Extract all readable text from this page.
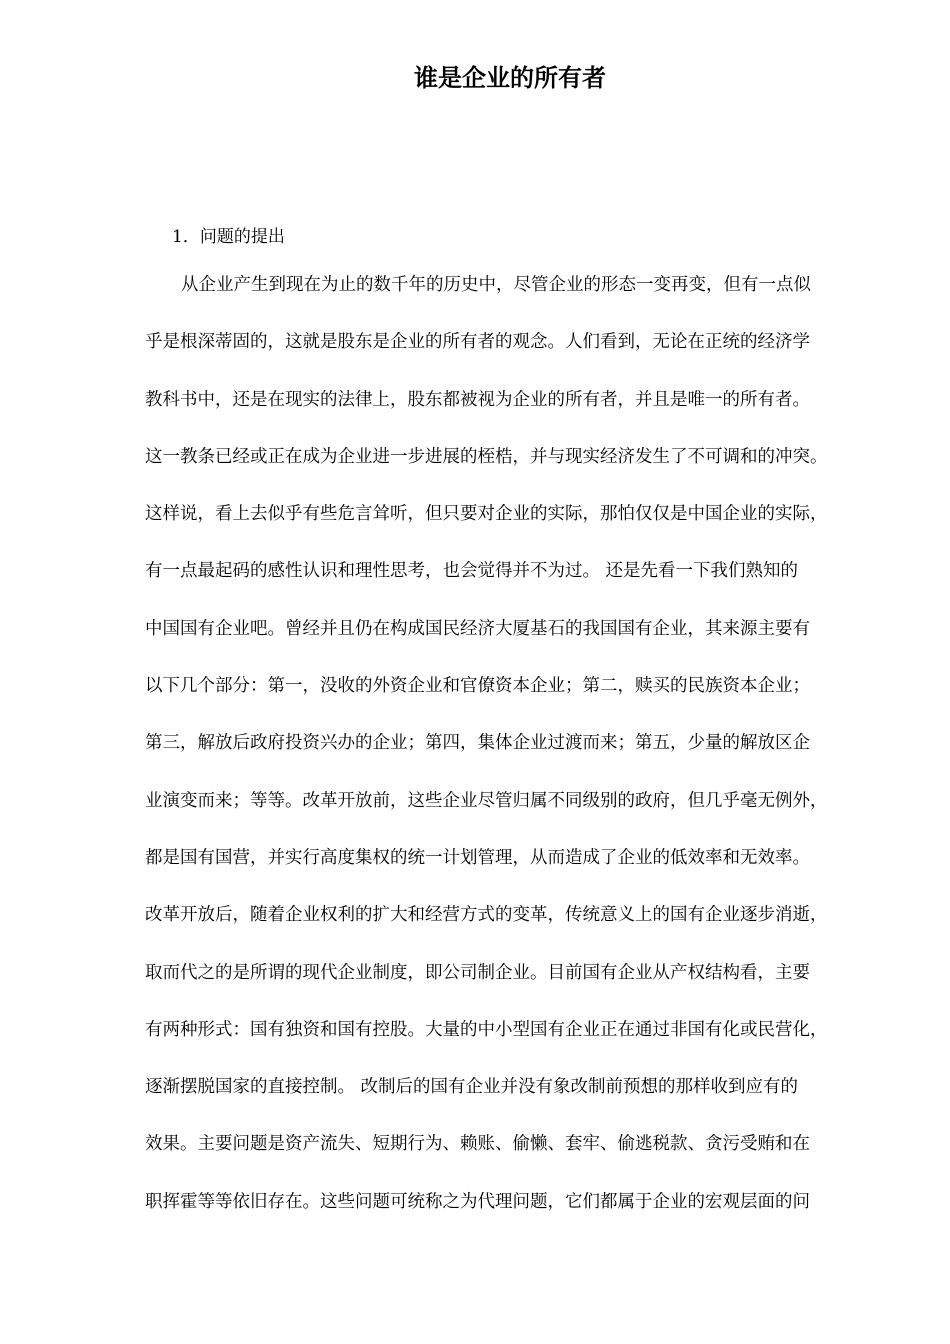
谁是企业的所有者
1．问题的提出
从企业产生到现在为止的数千年的历史中，尽管企业的形态一变再变，但有一点似
乎是根深蒂固的，这就是股东是企业的所有者的观念。人们看到，无论在正统的经济学
教科书中，还是在现实的法律上，股东都被视为企业的所有者，并且是唯一的所有者。
这一教条已经或正在成为企业进一步进展的桎梏，并与现实经济发生了不可调和的冲突。
这样说，看上去似乎有些危言耸听，但只要对企业的实际，那怕仅仅是中国企业的实际，
有一点最起码的感性认识和理性思考，也会觉得并不为过。 还是先看一下我们熟知的
中国国有企业吧。曾经并且仍在构成国民经济大厦基石的我国国有企业，其来源主要有
以下几个部分：第一，没收的外资企业和官僚资本企业；第二，赎买的民族资本企业；
第三，解放后政府投资兴办的企业；第四，集体企业过渡而来；第五，少量的解放区企
业演变而来；等等。改革开放前，这些企业尽管归属不同级别的政府，但几乎毫无例外，
都是国有国营，并实行高度集权的统一计划管理，从而造成了企业的低效率和无效率。
改革开放后，随着企业权利的扩大和经营方式的变革，传统意义上的国有企业逐步消逝，
取而代之的是所谓的现代企业制度，即公司制企业。目前国有企业从产权结构看，主要
有两种形式：国有独资和国有控股。大量的中小型国有企业正在通过非国有化或民营化，
逐渐摆脱国家的直接控制。 改制后的国有企业并没有象改制前预想的那样收到应有的
效果。主要问题是资产流失、短期行为、赖账、偷懒、套牢、偷逃税款、贪污受贿和在
职挥霍等等依旧存在。这些问题可统称之为代理问题，它们都属于企业的宏观层面的问
